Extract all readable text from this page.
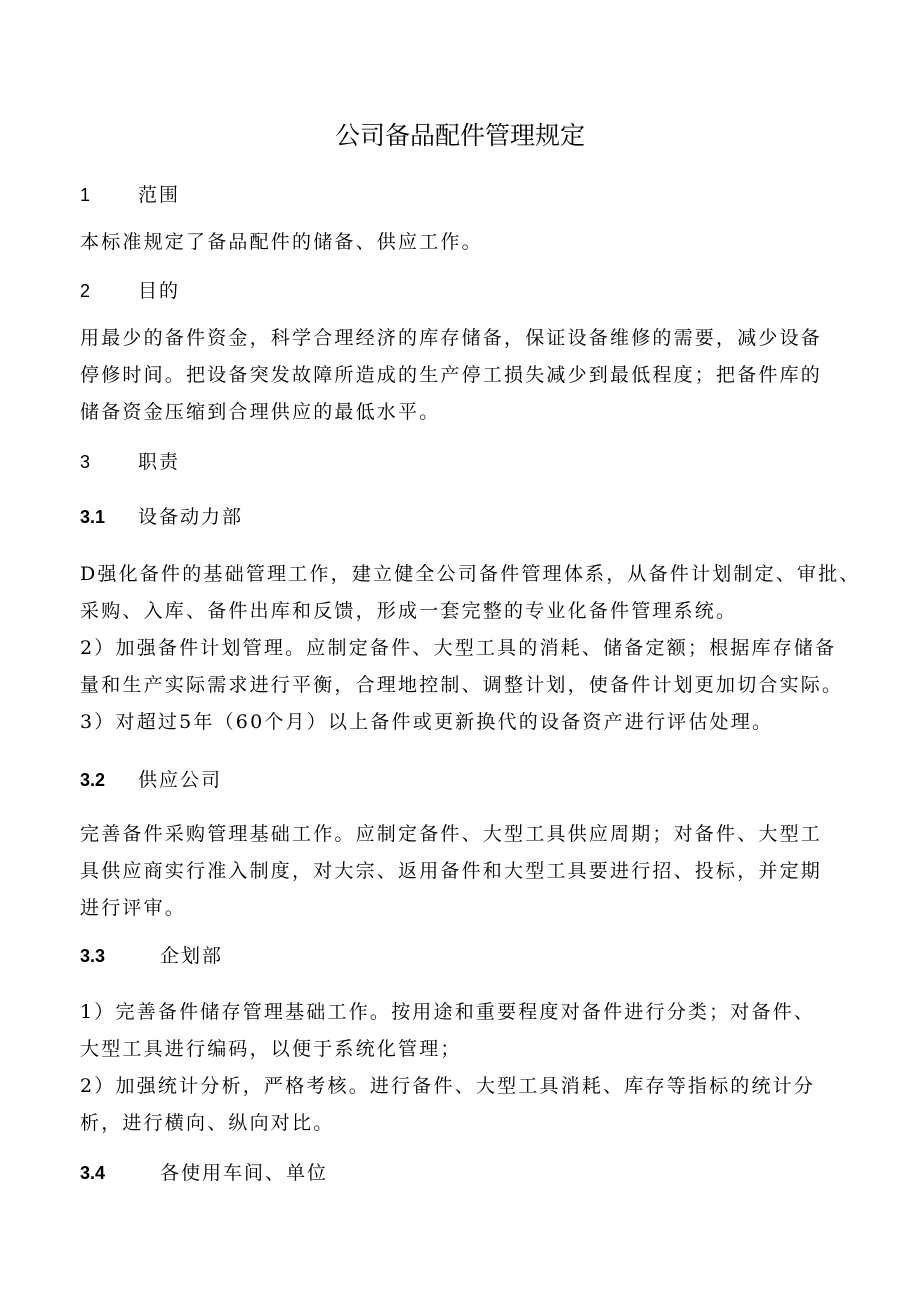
公司备品配件管理规定
1	范围
本标准规定了备品配件的储备、供应工作。
2	目的
用最少的备件资金，科学合理经济的库存储备，保证设备维修的需要，减少设备
停修时间。把设备突发故障所造成的生产停工损失减少到最低程度；把备件库的
储备资金压缩到合理供应的最低水平。
3	职责
3.1 设备动力部
D强化备件的基础管理工作，建立健全公司备件管理体系，从备件计划制定、审批、
采购、入库、备件出库和反馈，形成一套完整的专业化备件管理系统。
2）加强备件计划管理。应制定备件、大型工具的消耗、储备定额；根据库存储备
量和生产实际需求进行平衡，合理地控制、调整计划，使备件计划更加切合实际。
3）对超过5年（60个月）以上备件或更新换代的设备资产进行评估处理。
3.2 供应公司
完善备件采购管理基础工作。应制定备件、大型工具供应周期；对备件、大型工
具供应商实行准入制度，对大宗、返用备件和大型工具要进行招、投标，并定期
进行评审。
3.3	企划部
1）完善备件储存管理基础工作。按用途和重要程度对备件进行分类；对备件、
大型工具进行编码，以便于系统化管理；
2）加强统计分析，严格考核。进行备件、大型工具消耗、库存等指标的统计分
析，进行横向、纵向对比。
3.4	各使用车间、单位
